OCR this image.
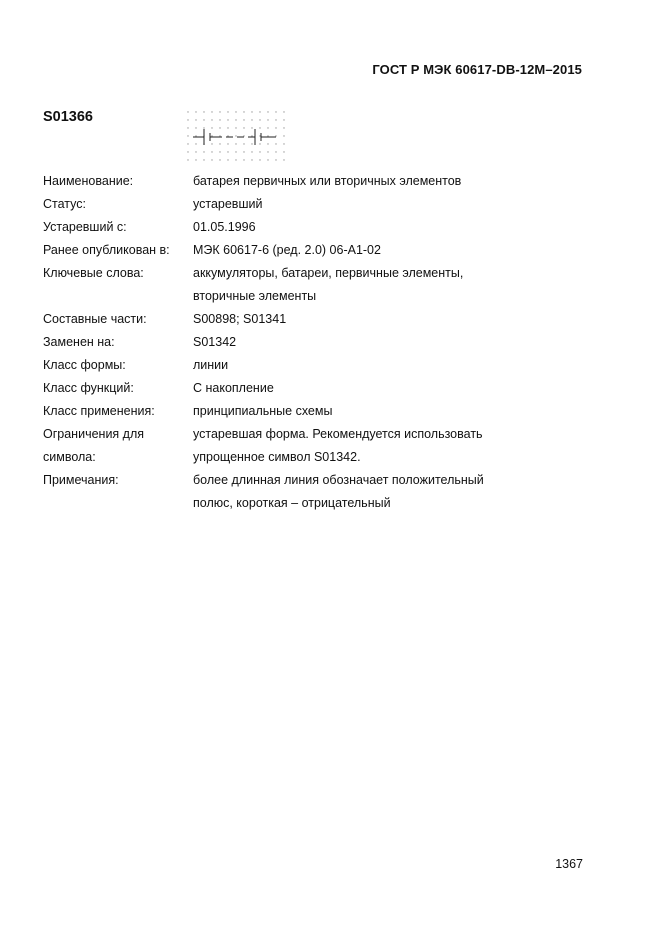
ГОСТ Р МЭК 60617-DB-12M–2015
S01366
Наименование:	батарея первичных или вторичных элементов
Статус:	устаревший
Устаревший с:	01.05.1996
Ранее опубликован в:	МЭК 60617-6 (ред. 2.0) 06-A1-02
Ключевые слова:	аккумуляторы, батареи, первичные элементы,
вторичные элементы
Составные части:	S00898; S01341
Заменен на:	S01342
Класс формы:	линии
Класс функций:	C накопление
Класс применения:	принципиальные схемы
Ограничения для	устаревшая форма. Рекомендуется использовать
символа:	упрощенное символ S01342.
Примечания:	более длинная линия обозначает положительный
полюс, короткая – отрицательный
1367
